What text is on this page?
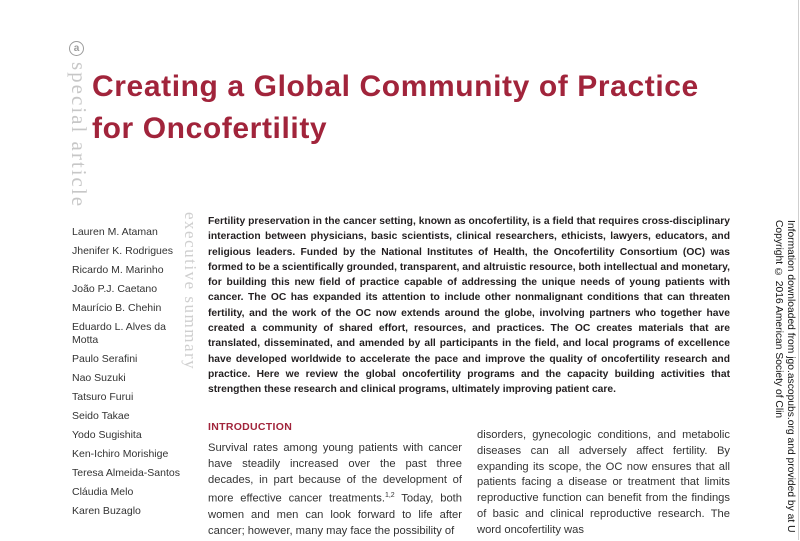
a
special article Creating a Global Community of Practice for Oncofertility
Lauren M. Ataman
Jhenifer K. Rodrigues
Ricardo M. Marinho
João P.J. Caetano
Maurício B. Chehin
Eduardo L. Alves da Motta
Paulo Serafini
Nao Suzuki
Tatsuro Furui
Seido Takae
Yodo Sugishita
Ken-Ichiro Morishige
Teresa Almeida-Santos
Cláudia Melo
Karen Buzaglo
executive summary Fertility preservation in the cancer setting, known as oncofertility, is a field that requires cross-disciplinary interaction between physicians, basic scientists, clinical researchers, ethicists, lawyers, educators, and religious leaders. Funded by the National Institutes of Health, the Oncofertility Consortium (OC) was formed to be a scientifically grounded, transparent, and altruistic resource, both intellectual and monetary, for building this new field of practice capable of addressing the unique needs of young patients with cancer. The OC has expanded its attention to include other nonmalignant conditions that can threaten fertility, and the work of the OC now extends around the globe, involving partners who together have created a community of shared effort, resources, and practices. The OC creates materials that are translated, disseminated, and amended by all participants in the field, and local programs of excellence have developed worldwide to accelerate the pace and improve the quality of oncofertility research and practice. Here we review the global oncofertility programs and the capacity building activities that strengthen these research and clinical programs, ultimately improving patient care.

INTRODUCTION

Survival rates among young patients with cancer have steadily increased over the past three decades, in part because of the development of more effective cancer treatments.$^{1,2}$ Today, both women and men can look forward to life after cancer; however, many may face the possibility of

disorders, gynecologic conditions, and metabolic diseases can all adversely affect fertility. By expanding its scope, the OC now ensures that all patients facing a disease or treatment that limits reproductive function can benefit from the findings of basic and clinical reproductive research. The word oncofertility was	Information downloaded from jgo.ascopubs.org and provided by at U
Copyright © 2016 American Society of Clin
